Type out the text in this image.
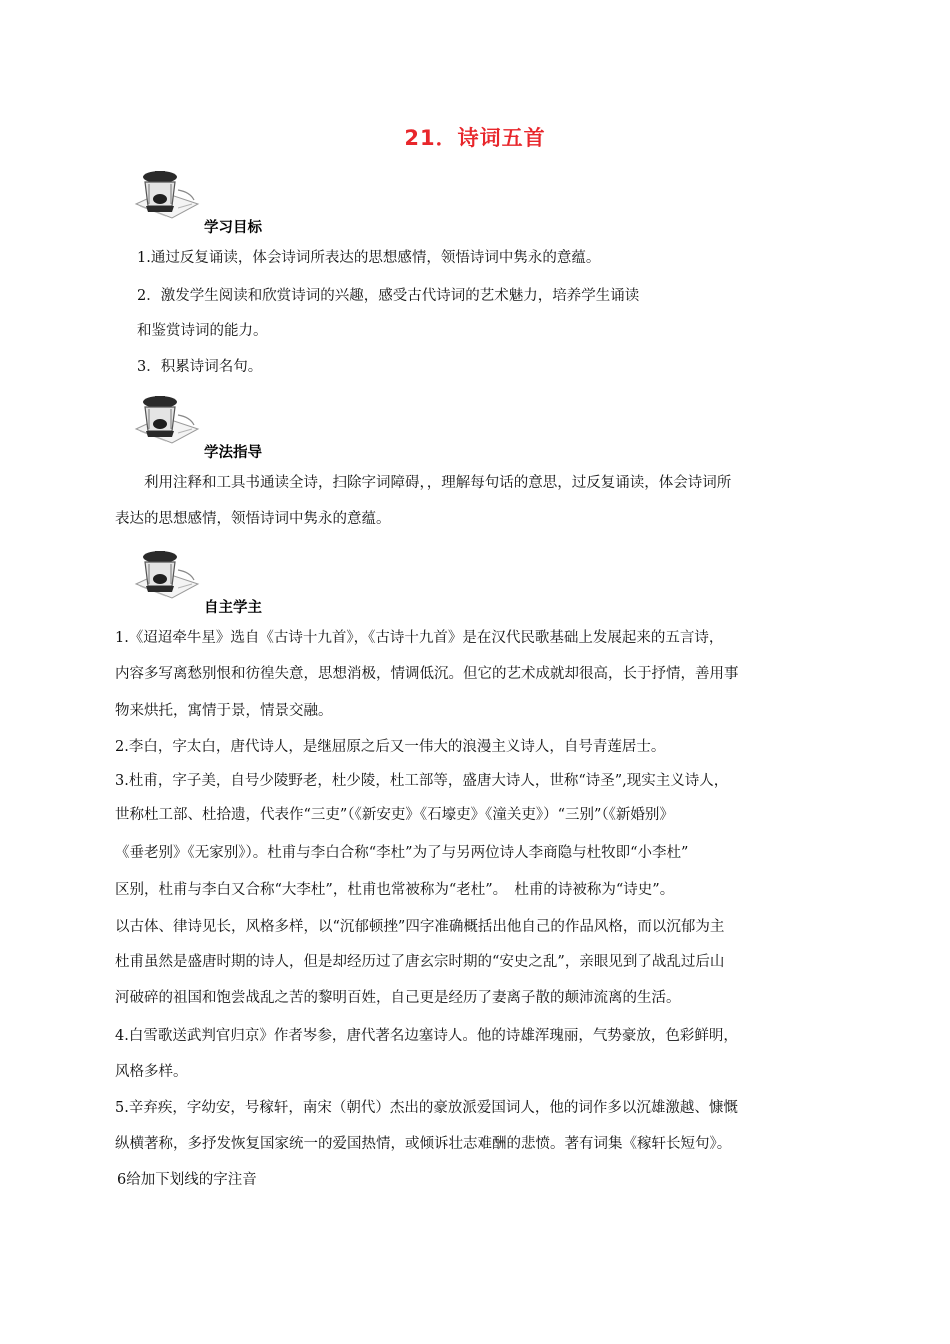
21．诗词五首
学习目标
1.通过反复诵读，体会诗词所表达的思想感情，领悟诗词中隽永的意蕴。
2．激发学生阅读和欣赏诗词的兴趣，感受古代诗词的艺术魅力，培养学生诵读
和鉴赏诗词的能力。
3．积累诗词名句。
学法指导
利用注释和工具书通读全诗，扫除字词障碍，，理解每句话的意思，过反复诵读，体会诗词所
表达的思想感情，领悟诗词中隽永的意蕴。
自主学主
1.《迢迢牵牛星》选自《古诗十九首》，《古诗十九首》是在汉代民歌基础上发展起来的五言诗，
内容多写离愁别恨和彷徨失意，思想消极，情调低沉。但它的艺术成就却很高，长于抒情，善用事
物来烘托，寓情于景，情景交融。
2.李白，字太白，唐代诗人，是继屈原之后又一伟大的浪漫主义诗人，自号青莲居士。
3.杜甫，字子美，自号少陵野老，杜少陵，杜工部等，盛唐大诗人，世称“诗圣”,现实主义诗人，
世称杜工部、杜拾遗，代表作“三吏”（《新安吏》《石壕吏》《潼关吏》）“三别”（《新婚别》
《垂老别》《无家别》）。杜甫与李白合称“李杜”为了与另两位诗人李商隐与杜牧即“小李杜”
区别，杜甫与李白又合称“大李杜”，杜甫也常被称为“老杜”。　杜甫的诗被称为“诗史”。
以古体、律诗见长，风格多样，以“沉郁顿挫”四字准确概括出他自己的作品风格，而以沉郁为主
杜甫虽然是盛唐时期的诗人，但是却经历过了唐玄宗时期的“安史之乱”，亲眼见到了战乱过后山
河破碎的祖国和饱尝战乱之苦的黎明百姓，自己更是经历了妻离子散的颠沛流离的生活。
4.白雪歌送武判官归京》作者岑参，唐代著名边塞诗人。他的诗雄浑瑰丽，气势豪放，色彩鲜明，
风格多样。
5.辛弃疾，字幼安，号稼轩，南宋（朝代）杰出的豪放派爱国词人，他的词作多以沉雄激越、慷慨
纵横著称，多抒发恢复国家统一的爱国热情，或倾诉壮志难酬的悲愤。著有词集《稼轩长短句》。
6给加下划线的字注音
